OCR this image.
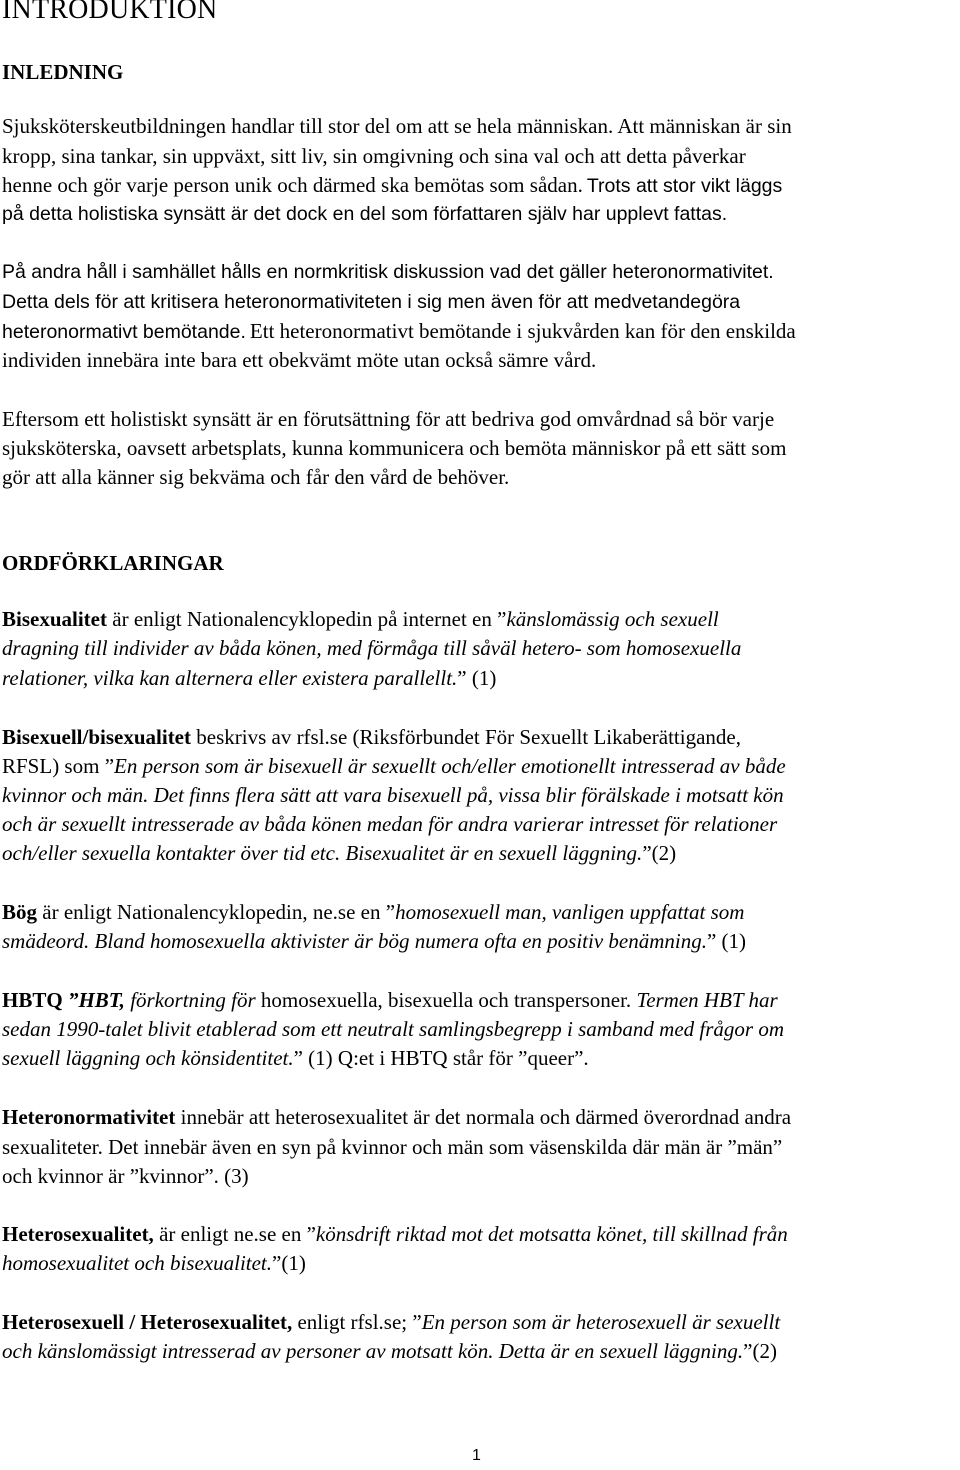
INTRODUKTION
INLEDNING
Sjuksköterskeutbildningen handlar till stor del om att se hela människan. Att människan är sin
kropp, sina tankar, sin uppväxt, sitt liv, sin omgivning och sina val och att detta påverkar
henne och gör varje person unik och därmed ska bemötas som sådan. Trots att stor vikt läggs
på detta holistiska synsätt är det dock en del som författaren själv har upplevt fattas.
På andra håll i samhället hålls en normkritisk diskussion vad det gäller heteronormativitet.
Detta dels för att kritisera heteronormativiteten i sig men även för att medvetandegöra
heteronormativt bemötande. Ett heteronormativt bemötande i sjukvården kan för den enskilda
individen innebära inte bara ett obekvämt möte utan också sämre vård.
Eftersom ett holistiskt synsätt är en förutsättning för att bedriva god omvårdnad så bör varje
sjuksköterska, oavsett arbetsplats, kunna kommunicera och bemöta människor på ett sätt som
gör att alla känner sig bekväma och får den vård de behöver.
ORDFÖRKLARINGAR
Bisexualitet är enligt Nationalencyklopedin på internet en ”känslomässig och sexuell
dragning till individer av båda könen, med förmåga till såväl hetero- som homosexuella
relationer, vilka kan alternera eller existera parallellt.” (1)
Bisexuell/bisexualitet beskrivs av rfsl.se (Riksförbundet För Sexuellt Likaberättigande,
RFSL) som ”En person som är bisexuell är sexuellt och/eller emotionellt intresserad av både
kvinnor och män. Det finns flera sätt att vara bisexuell på, vissa blir förälskade i motsatt kön
och är sexuellt intresserade av båda könen medan för andra varierar intresset för relationer
och/eller sexuella kontakter över tid etc. Bisexualitet är en sexuell läggning.”(2)
Bög är enligt Nationalencyklopedin, ne.se en ”homosexuell man, vanligen uppfattat som
smädeord. Bland homosexuella aktivister är bög numera ofta en positiv benämning.” (1)
HBTQ ”HBT, förkortning för homosexuella, bisexuella och transpersoner. Termen HBT har
sedan 1990-talet blivit etablerad som ett neutralt samlingsbegrepp i samband med frågor om
sexuell läggning och könsidentitet.” (1) Q:et i HBTQ står för ”queer”.
Heteronormativitet innebär att heterosexualitet är det normala och därmed överordnad andra
sexualiteter. Det innebär även en syn på kvinnor och män som väsenskilda där män är ”män”
och kvinnor är ”kvinnor”. (3)
Heterosexualitet, är enligt ne.se en ”könsdrift riktad mot det motsatta könet, till skillnad från
homosexualitet och bisexualitet.”(1)
Heterosexuell / Heterosexualitet, enligt rfsl.se; ”En person som är heterosexuell är sexuellt
och känslomässigt intresserad av personer av motsatt kön. Detta är en sexuell läggning.”(2)
1
